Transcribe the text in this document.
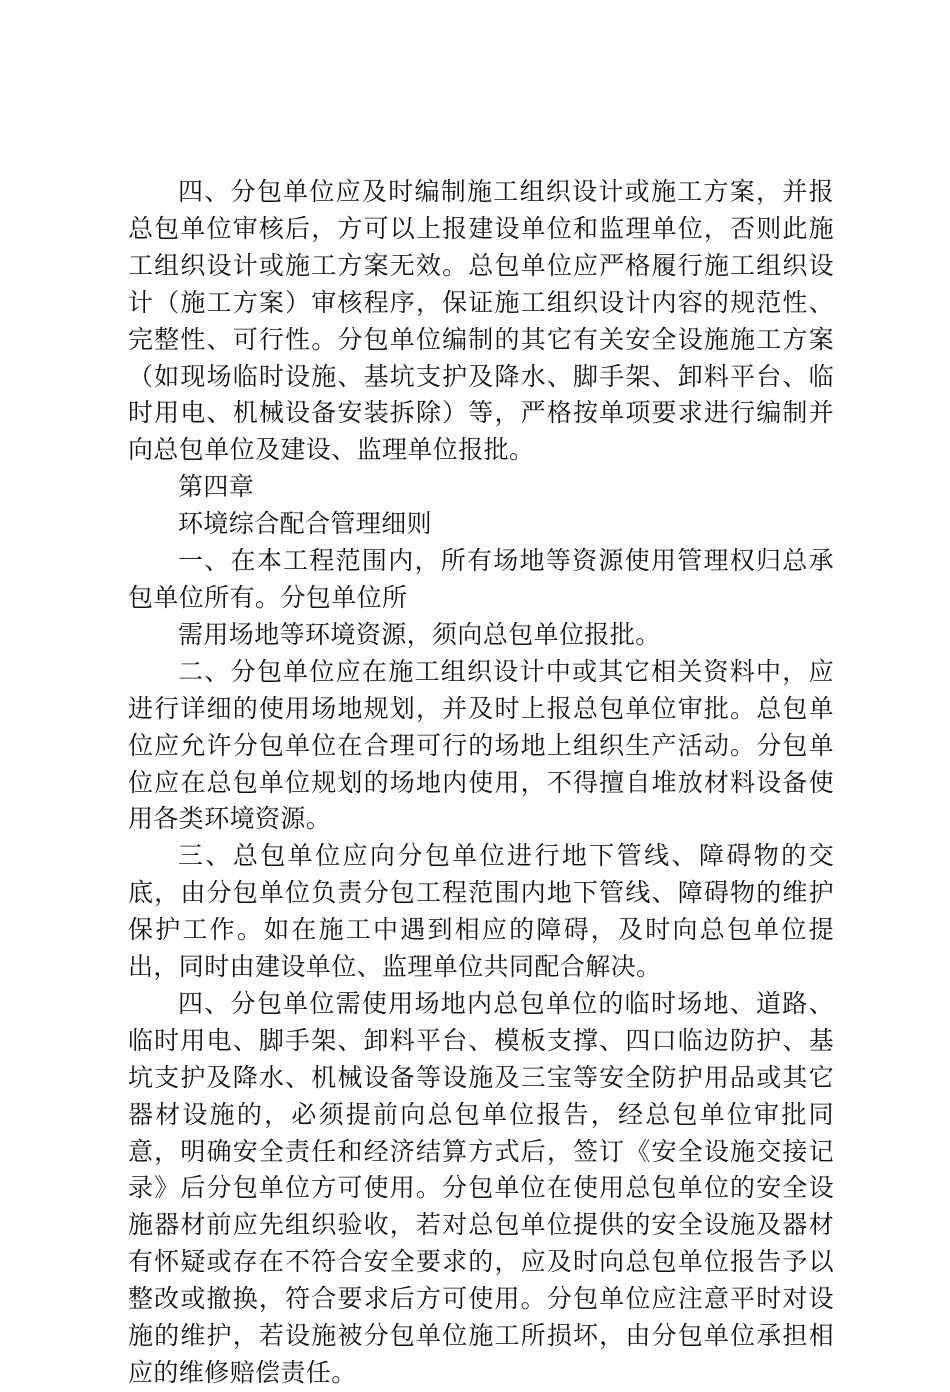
四、分包单位应及时编制施工组织设计或施工方案，并报总包单位审核后，方可以上报建设单位和监理单位，否则此施工组织设计或施工方案无效。总包单位应严格履行施工组织设计（施工方案）审核程序，保证施工组织设计内容的规范性、完整性、可行性。分包单位编制的其它有关安全设施施工方案（如现场临时设施、基坑支护及降水、脚手架、卸料平台、临时用电、机械设备安装拆除）等，严格按单项要求进行编制并向总包单位及建设、监理单位报批。

第四章

环境综合配合管理细则

一、在本工程范围内，所有场地等资源使用管理权归总承包单位所有。分包单位所

需用场地等环境资源，须向总包单位报批。

二、分包单位应在施工组织设计中或其它相关资料中，应进行详细的使用场地规划，并及时上报总包单位审批。总包单位应允许分包单位在合理可行的场地上组织生产活动。分包单位应在总包单位规划的场地内使用，不得擅自堆放材料设备使用各类环境资源。

三、总包单位应向分包单位进行地下管线、障碍物的交底，由分包单位负责分包工程范围内地下管线、障碍物的维护保护工作。如在施工中遇到相应的障碍，及时向总包单位提出，同时由建设单位、监理单位共同配合解决。

四、分包单位需使用场地内总包单位的临时场地、道路、临时用电、脚手架、卸料平台、模板支撑、四口临边防护、基坑支护及降水、机械设备等设施及三宝等安全防护用品或其它器材设施的，必须提前向总包单位报告，经总包单位审批同意，明确安全责任和经济结算方式后，签订《安全设施交接记录》后分包单位方可使用。分包单位在使用总包单位的安全设施器材前应先组织验收，若对总包单位提供的安全设施及器材有怀疑或存在不符合安全要求的，应及时向总包单位报告予以整改或撤换，符合要求后方可使用。分包单位应注意平时对设施的维护，若设施被分包单位施工所损坏，由分包单位承担相应的维修赔偿责任。
